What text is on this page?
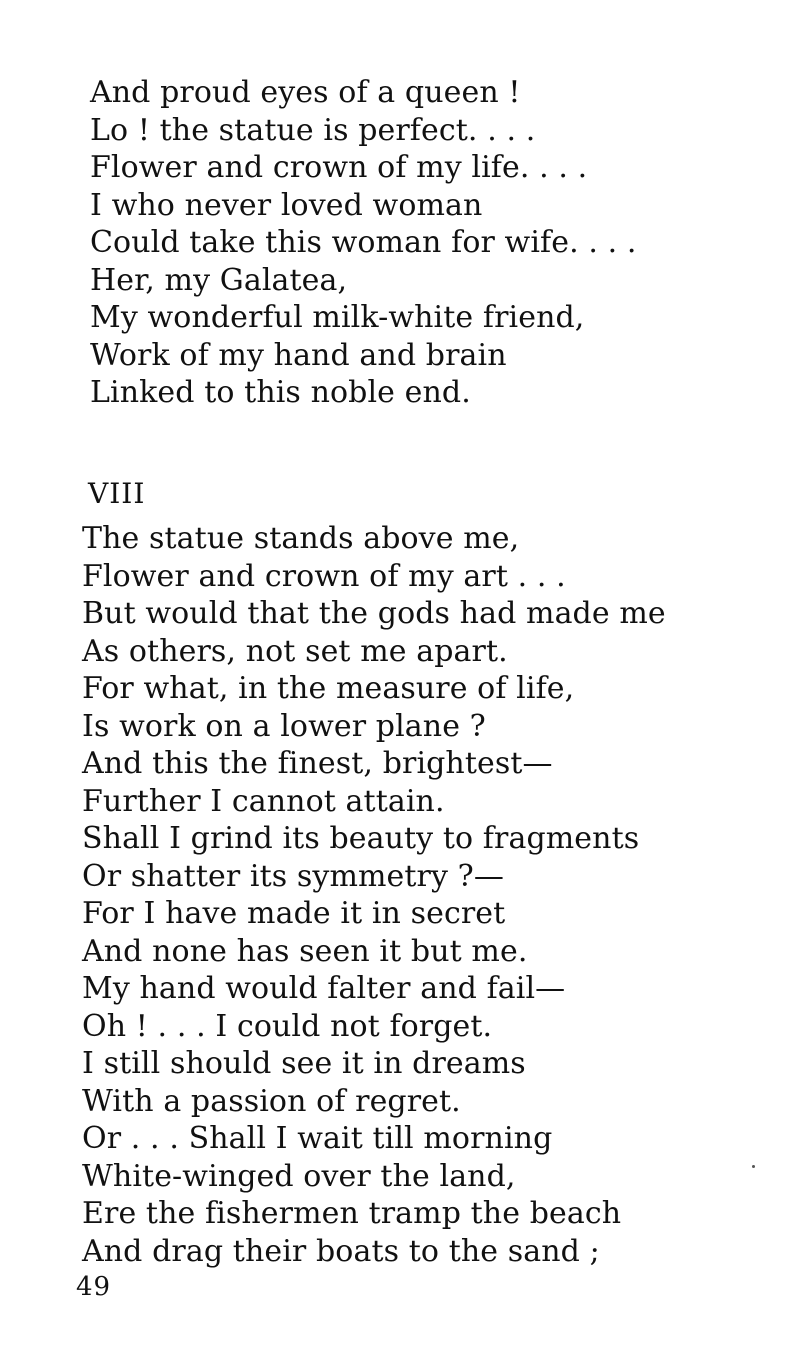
And proud eyes of a queen !
Lo ! the statue is perfect. . . .
Flower and crown of my life. . . .
I who never loved woman
Could take this woman for wife. . . .
Her, my Galatea,
My wonderful milk-white friend,
Work of my hand and brain
Linked to this noble end.
VIII
The statue stands above me,
Flower and crown of my art . . .
But would that the gods had made me
As others, not set me apart.
For what, in the measure of life,
Is work on a lower plane ?
And this the finest, brightest—
Further I cannot attain.
Shall I grind its beauty to fragments
Or shatter its symmetry ?—
For I have made it in secret
And none has seen it but me.
My hand would falter and fail—
Oh ! . . . I could not forget.
I still should see it in dreams
With a passion of regret.
Or . . . Shall I wait till morning
White-winged over the land,
Ere the fishermen tramp the beach
And drag their boats to the sand ;
49
